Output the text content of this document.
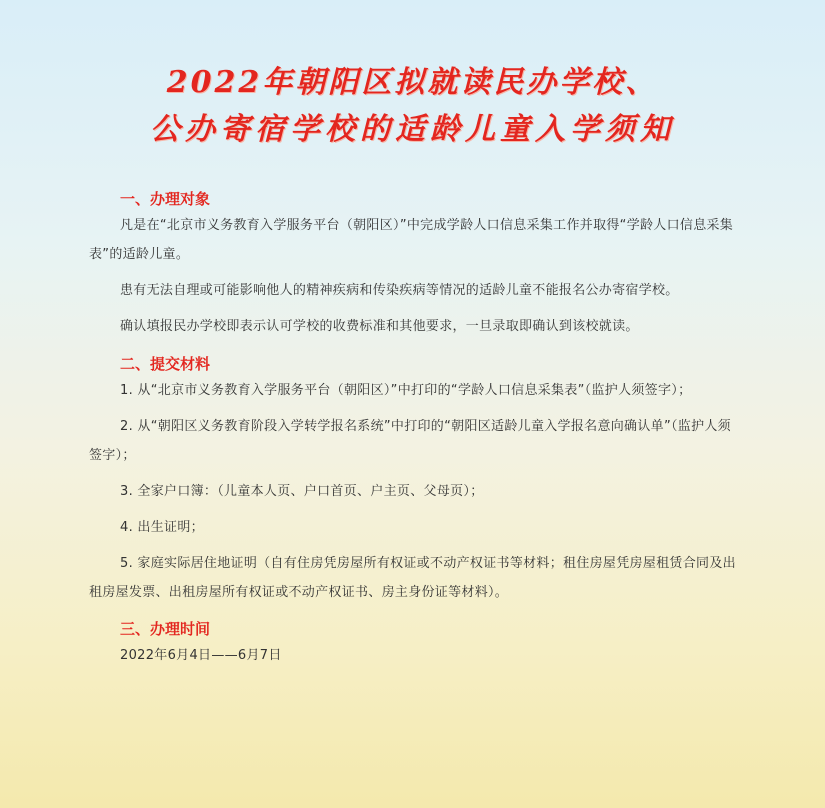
2022年朝阳区拟就读民办学校、
公办寄宿学校的适龄儿童入学须知
一、办理对象
凡是在“北京市义务教育入学服务平台（朝阳区）”中完成学龄人口信息采集工作并取得“学龄人口信息采集表”的适龄儿童。
患有无法自理或可能影响他人的精神疾病和传染疾病等情况的适龄儿童不能报名公办寄宿学校。
确认填报民办学校即表示认可学校的收费标准和其他要求，一旦录取即确认到该校就读。
二、提交材料
1. 从“北京市义务教育入学服务平台（朝阳区）”中打印的“学龄人口信息采集表”（监护人须签字）；
2. 从“朝阳区义务教育阶段入学转学报名系统”中打印的“朝阳区适龄儿童入学报名意向确认单”（监护人须签字）；
3. 全家户口簿：（儿童本人页、户口首页、户主页、父母页）；
4. 出生证明；
5. 家庭实际居住地证明（自有住房凭房屋所有权证或不动产权证书等材料；租住房屋凭房屋租赁合同及出租房屋发票、出租房屋所有权证或不动产权证书、房主身份证等材料）。
三、办理时间
2022年6月4日——6月7日
